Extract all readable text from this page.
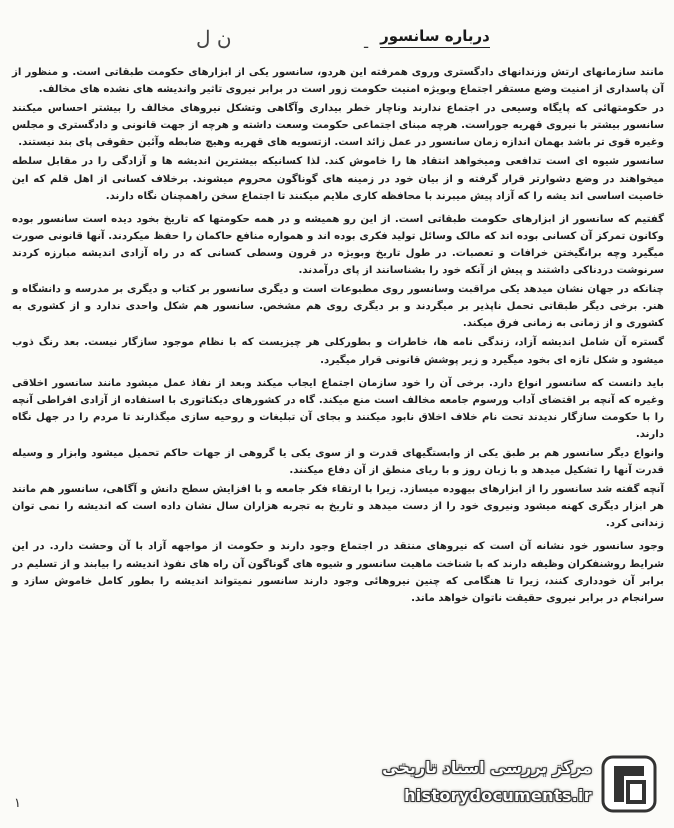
ن ل	ـ درباره سانسور

مانند سازمانهای ارتش وزندانهای دادگستری وروی همرفته این هردو، سانسور یکی از ابزارهای حکومت طبقاتی است. و منظور از آن پاسداری از امنیت وضع مستقر اجتماع وبویژه امنیت حکومت زور است در برابر نیروی تاثیر واندیشه های نشده های مخالف.

در حکومتهائی که پایگاه وسیعی در اجتماع ندارند وناچار خطر بیداری وآگاهی وتشکل نیروهای مخالف را بیشتر احساس میکنند سانسور بیشتر با نیروی قهریه جوراست. هرچه مبنای اجتماعی حکومت وسعت داشته و هرچه از جهت قانونی و دادگستری و مجلس وغیره قوی تر باشد بهمان اندازه زمان سانسور در عمل زائد است. ازتسویه های قهریه وهیچ ضابطه وآئین حقوقی پای بند نیستند.

سانسور شیوه ای است تدافعی ومیخواهد انتقاد ها را خاموش کند. لذا کسانیکه بیشترین اندیشه ها و آزادگی را در مقابل سلطه میخواهند در وضع دشوارتر قرار گرفته و از بیان خود در زمینه های گوناگون محروم میشوند. برخلاف کسانی از اهل قلم که این خاصیت اساسی اند یشه را که آزاد پیش میبرند با محافظه کاری ملایم میکنند تا اجتماع سخن راهمچنان نگاه دارند.

گفتیم که سانسور از ابزارهای حکومت طبقاتی است. از این رو همیشه و در همه حکومتها که تاریخ بخود دیده است سانسور بوده وکانون تمرکز آن کسانی بوده اند که مالک وسائل تولید فکری بوده اند و همواره منافع حاکمان را حفظ میکردند. آنها قانونی صورت میگیرد وچه برانگیختن خرافات و تعصبات. در طول تاریخ وبویژه در قرون وسطی کسانی که در راه آزادی اندیشه مبارزه کردند سرنوشت دردناکی داشتند و پیش از آنکه خود را بشناسانند از پای درآمدند.

چنانکه در جهان نشان میدهد یکی مراقبت وسانسور روی مطبوعات است و دیگری سانسور بر کتاب و دیگری بر مدرسه و دانشگاه و هنر. برخی دیگر طبقاتی تحمل ناپذیر بر میگردند و بر دیگری روی هم مشخص. سانسور هم شکل واحدی ندارد و از کشوری به کشوری و از زمانی به زمانی فرق میکند.

گستره آن شامل اندیشه آزاد، زندگی نامه ها، خاطرات و بطورکلی هر چیزیست که با نظام موجود سازگار نیست. بعد رنگ ذوب میشود و شکل تازه ای بخود میگیرد و زیر پوشش قانونی قرار میگیرد.

باید دانست که سانسور انواع دارد. برخی آن را خود سازمان اجتماع ایجاب میکند وبعد از نفاذ عمل میشود مانند سانسور اخلاقی وغیره که آنچه بر اقتضای آداب ورسوم جامعه مخالف است منع میکند. گاه در کشورهای دیکتاتوری با استفاده از آزادی افراطی آنچه را با حکومت سازگار ندیدند تحت نام خلاف اخلاق نابود میکنند و بجای آن تبلیغات و روحیه سازی میگذارند تا مردم را در جهل نگاه دارند.

وانواع دیگر سانسور هم بر طبق یکی از وابستگیهای قدرت و از سوی یکی یا گروهی از جهات حاکم تحمیل میشود وابزار و وسیله قدرت آنها را تشکیل میدهد و با زبان روز و با ریای منطق از آن دفاع میکنند.

آنچه گفته شد سانسور را از ابزارهای بیهوده میسازد. زیرا با ارتقاء فکر جامعه و با افزایش سطح دانش و آگاهی، سانسور هم مانند هر ابزار دیگری کهنه میشود ونیروی خود را از دست میدهد و تاریخ به تجربه هزاران سال نشان داده است که اندیشه را نمی توان زندانی کرد.

وجود سانسور خود نشانه آن است که نیروهای منتقد در اجتماع وجود دارند و حکومت از مواجهه آزاد با آن وحشت دارد. در این شرایط روشنفکران وظیفه دارند که با شناخت ماهیت سانسور و شیوه های گوناگون آن راه های نفوذ اندیشه را بیابند و از تسلیم در برابر آن خودداری کنند، زیرا تا هنگامی که چنین نیروهائی وجود دارند سانسور نمیتواند اندیشه را بطور کامل خاموش سازد و سرانجام در برابر نیروی حقیقت ناتوان خواهد ماند.

۱
مرکز بررسی اسناد تاریخی
historydocuments.ir
